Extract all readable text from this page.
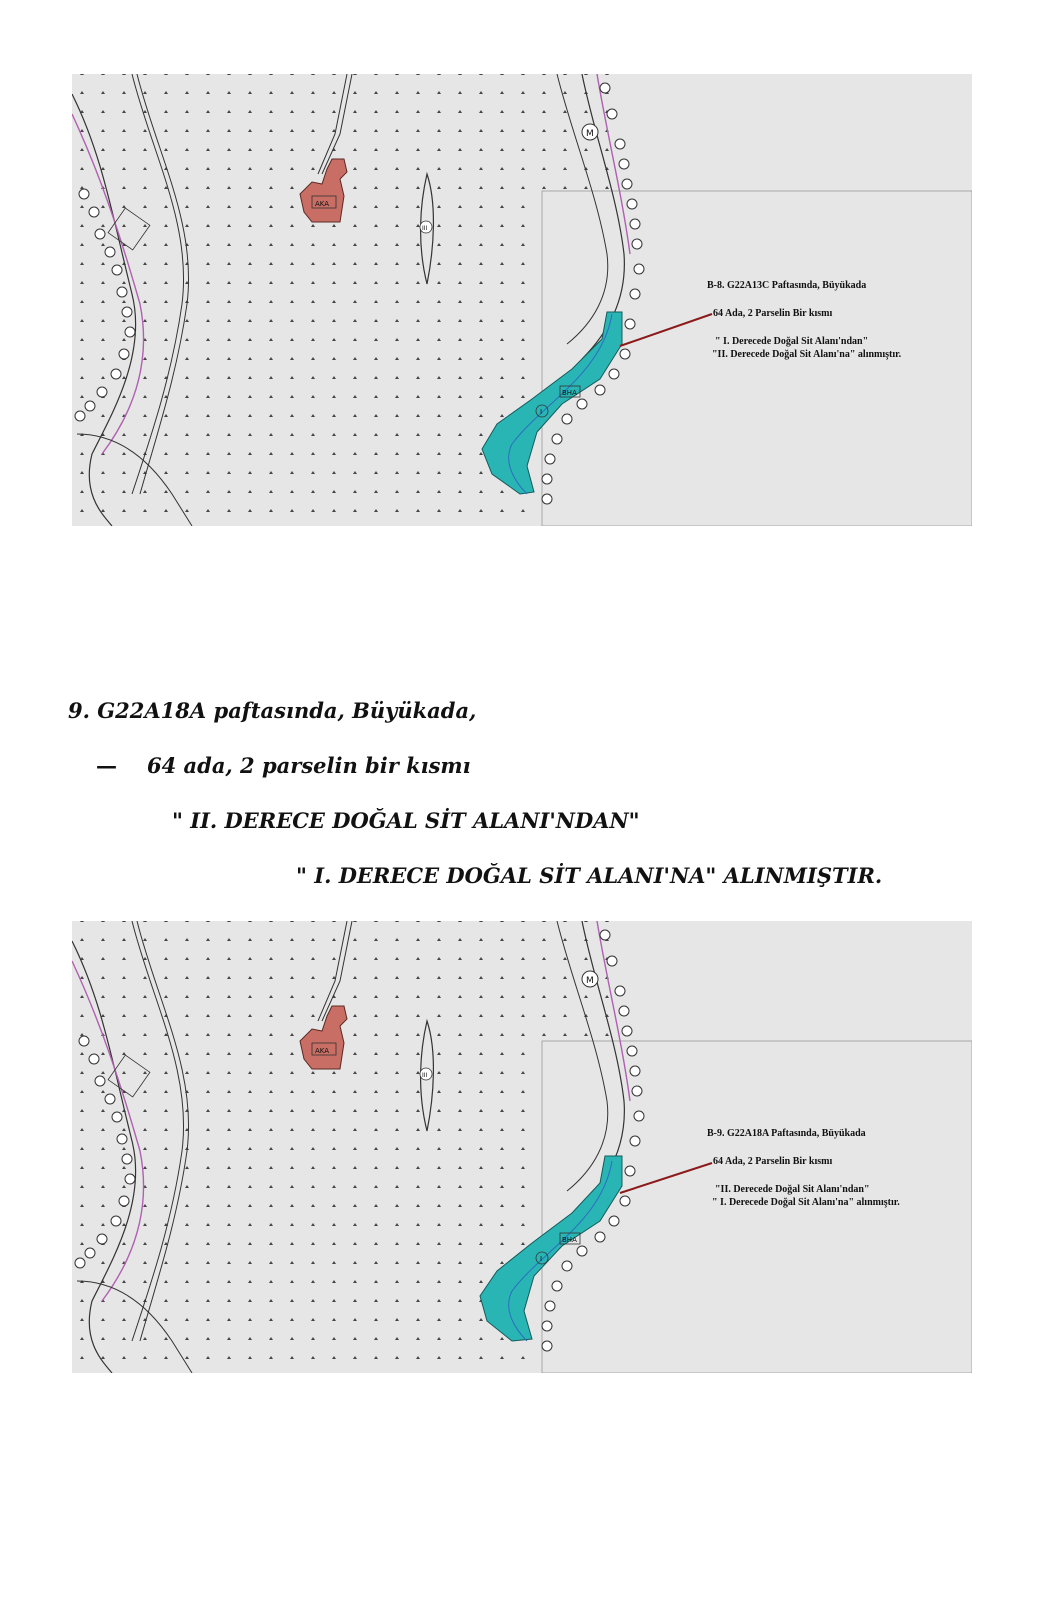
AKA
III
M
BHA
I
B-8. G22A13C Paftasında, Büyükada
64 Ada, 2 Parselin Bir kısmı
" I. Derecede Doğal Sit Alanı'ndan"
"II. Derecede Doğal Sit Alanı'na" alınmıştır.
9. G22A18A paftasında, Büyükada,
— 64 ada, 2 parselin bir kısmı
" II. DERECE DOĞAL SİT ALANI'NDAN"
" I. DERECE DOĞAL SİT ALANI'NA" ALINMIŞTIR.
AKA
III
M
BHA
I
B-9. G22A18A Paftasında, Büyükada
64 Ada, 2 Parselin Bir kısmı
"II. Derecede Doğal Sit Alanı'ndan"
" I. Derecede Doğal Sit Alanı'na" alınmıştır.
